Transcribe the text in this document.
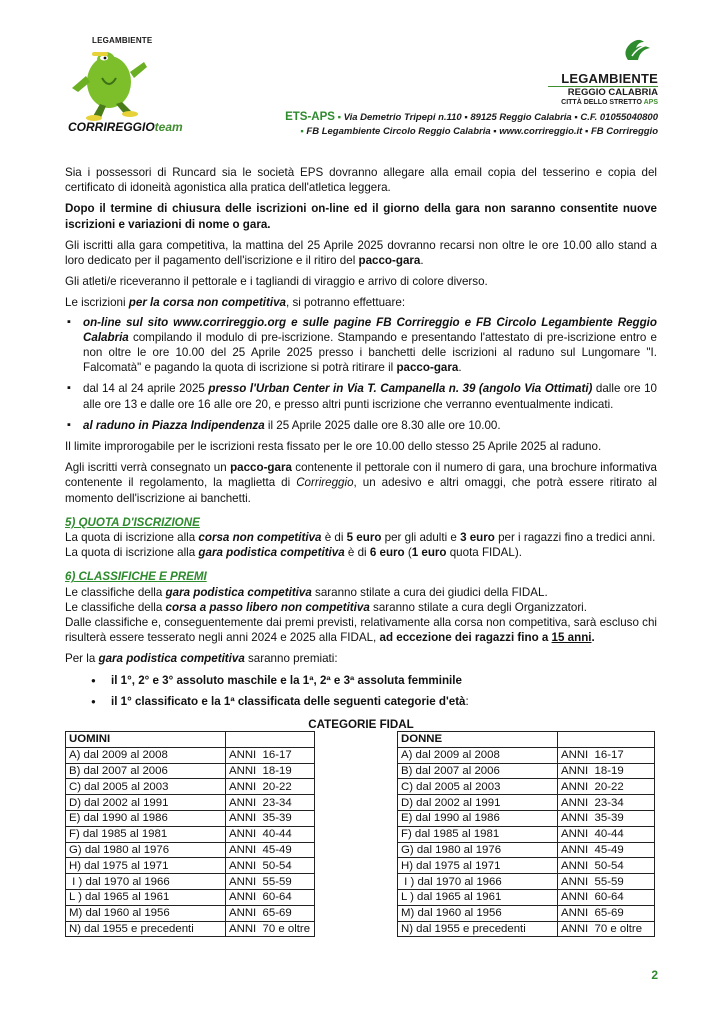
LEGAMBIENTE
CORRIREGGIOteam
LEGAMBIENTE
REGGIO CALABRIA
CITTÀ DELLO STRETTO APS
ETS-APS ▪ Via Demetrio Tripepi n.110 ▪ 89125 Reggio Calabria ▪ C.F. 01055040800
▪ FB Legambiente Circolo Reggio Calabria ▪ www.corrireggio.it ▪ FB Corrireggio

Sia i possessori di Runcard sia le società EPS dovranno allegare alla email copia del tesserino e copia del certificato di idoneità agonistica alla pratica dell'atletica leggera.

Dopo il termine di chiusura delle iscrizioni on-line ed il giorno della gara non saranno consentite nuove iscrizioni e variazioni di nome o gara.

Gli iscritti alla gara competitiva, la mattina del 25 Aprile 2025 dovranno recarsi non oltre le ore 10.00 allo stand a loro dedicato per il pagamento dell'iscrizione e il ritiro del pacco-gara.

Gli atleti/e riceveranno il pettorale e i tagliandi di viraggio e arrivo di colore diverso.

Le iscrizioni per la corsa non competitiva, si potranno effettuare:

▪ on-line sul sito www.corrireggio.org e sulle pagine FB Corrireggio e FB Circolo Legambiente Reggio Calabria compilando il modulo di pre-iscrizione. Stampando e presentando l'attestato di pre-iscrizione entro e non oltre le ore 10.00 del 25 Aprile 2025 presso i banchetti delle iscrizioni al raduno sul Lungomare "I. Falcomatà" e pagando la quota di iscrizione si potrà ritirare il pacco-gara.
▪ dal 14 al 24 aprile 2025 presso l'Urban Center in Via T. Campanella n. 39 (angolo Via Ottimati) dalle ore 10 alle ore 13 e dalle ore 16 alle ore 20, e presso altri punti iscrizione che verranno eventualmente indicati.
▪ al raduno in Piazza Indipendenza il 25 Aprile 2025 dalle ore 8.30 alle ore 10.00.

Il limite improrogabile per le iscrizioni resta fissato per le ore 10.00 dello stesso 25 Aprile 2025 al raduno.

Agli iscritti verrà consegnato un pacco-gara contenente il pettorale con il numero di gara, una brochure informativa contenente il regolamento, la maglietta di Corrireggio, un adesivo e altri omaggi, che potrà essere ritirato al momento dell'iscrizione ai banchetti.

5) QUOTA D'ISCRIZIONE

La quota di iscrizione alla corsa non competitiva è di 5 euro per gli adulti e 3 euro per i ragazzi fino a tredici anni.

La quota di iscrizione alla gara podistica competitiva è di 6 euro (1 euro quota FIDAL).

6) CLASSIFICHE E PREMI

Le classifiche della gara podistica competitiva saranno stilate a cura dei giudici della FIDAL.

Le classifiche della corsa a passo libero non competitiva saranno stilate a cura degli Organizzatori.

Dalle classifiche e, conseguentemente dai premi previsti, relativamente alla corsa non competitiva, sarà escluso chi risulterà essere tesserato negli anni 2024 e 2025 alla FIDAL, ad eccezione dei ragazzi fino a 15 anni.

Per la gara podistica competitiva saranno premiati:

● il 1°, 2° e 3° assoluto maschile e la 1ª, 2ª e 3ª assoluta femminile
● il 1° classificato e la 1ª classificata delle seguenti categorie d'età:
CATEGORIE FIDAL
UOMINI	
A) dal 2009 al 2008	ANNI  16-17
B) dal 2007 al 2006	ANNI  18-19
C) dal 2005 al 2003	ANNI  20-22
D) dal 2002 al 1991	ANNI  23-34
E) dal 1990 al 1986	ANNI  35-39
F) dal 1985 al 1981	ANNI  40-44
G) dal 1980 al 1976	ANNI  45-49
H) dal 1975 al 1971	ANNI  50-54
I ) dal 1970 al 1966	ANNI  55-59
L ) dal 1965 al 1961	ANNI  60-64
M) dal 1960 al 1956	ANNI  65-69
N) dal 1955 e precedenti	ANNI  70 e oltre
DONNE	
A) dal 2009 al 2008	ANNI  16-17
B) dal 2007 al 2006	ANNI  18-19
C) dal 2005 al 2003	ANNI  20-22
D) dal 2002 al 1991	ANNI  23-34
E) dal 1990 al 1986	ANNI  35-39
F) dal 1985 al 1981	ANNI  40-44
G) dal 1980 al 1976	ANNI  45-49
H) dal 1975 al 1971	ANNI  50-54
I ) dal 1970 al 1966	ANNI  55-59
L ) dal 1965 al 1961	ANNI  60-64
M) dal 1960 al 1956	ANNI  65-69
N) dal 1955 e precedenti	ANNI  70 e oltre
2
